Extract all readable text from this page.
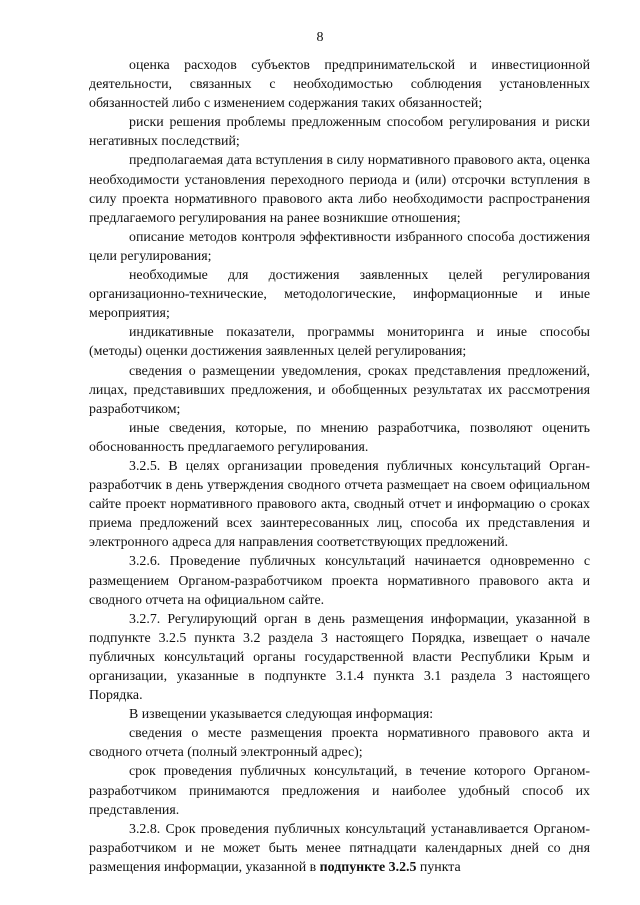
8

оценка расходов субъектов предпринимательской и инвестиционной деятельности, связанных с необходимостью соблюдения установленных обязанностей либо с изменением содержания таких обязанностей;

риски решения проблемы предложенным способом регулирования и риски негативных последствий;

предполагаемая дата вступления в силу нормативного правового акта, оценка необходимости установления переходного периода и (или) отсрочки вступления в силу проекта нормативного правового акта либо необходимости распространения предлагаемого регулирования на ранее возникшие отношения;

описание методов контроля эффективности избранного способа достижения цели регулирования;

необходимые для достижения заявленных целей регулирования организационно-технические, методологические, информационные и иные мероприятия;

индикативные показатели, программы мониторинга и иные способы (методы) оценки достижения заявленных целей регулирования;

сведения о размещении уведомления, сроках представления предложений, лицах, представивших предложения, и обобщенных результатах их рассмотрения разработчиком;

иные сведения, которые, по мнению разработчика, позволяют оценить обоснованность предлагаемого регулирования.

3.2.5. В целях организации проведения публичных консультаций Орган-разработчик в день утверждения сводного отчета размещает на своем официальном сайте проект нормативного правового акта, сводный отчет и информацию о сроках приема предложений всех заинтересованных лиц, способа их представления и электронного адреса для направления соответствующих предложений.

3.2.6. Проведение публичных консультаций начинается одновременно с размещением Органом-разработчиком проекта нормативного правового акта и сводного отчета на официальном сайте.

3.2.7. Регулирующий орган в день размещения информации, указанной в подпункте 3.2.5 пункта 3.2 раздела 3 настоящего Порядка, извещает о начале публичных консультаций органы государственной власти Республики Крым и организации, указанные в подпункте 3.1.4 пункта 3.1 раздела 3 настоящего Порядка.

В извещении указывается следующая информация:

сведения о месте размещения проекта нормативного правового акта и сводного отчета (полный электронный адрес);

срок проведения публичных консультаций, в течение которого Органом-разработчиком принимаются предложения и наиболее удобный способ их представления.

3.2.8. Срок проведения публичных консультаций устанавливается Органом-разработчиком и не может быть менее пятнадцати календарных дней со дня размещения информации, указанной в подпункте 3.2.5 пункта
